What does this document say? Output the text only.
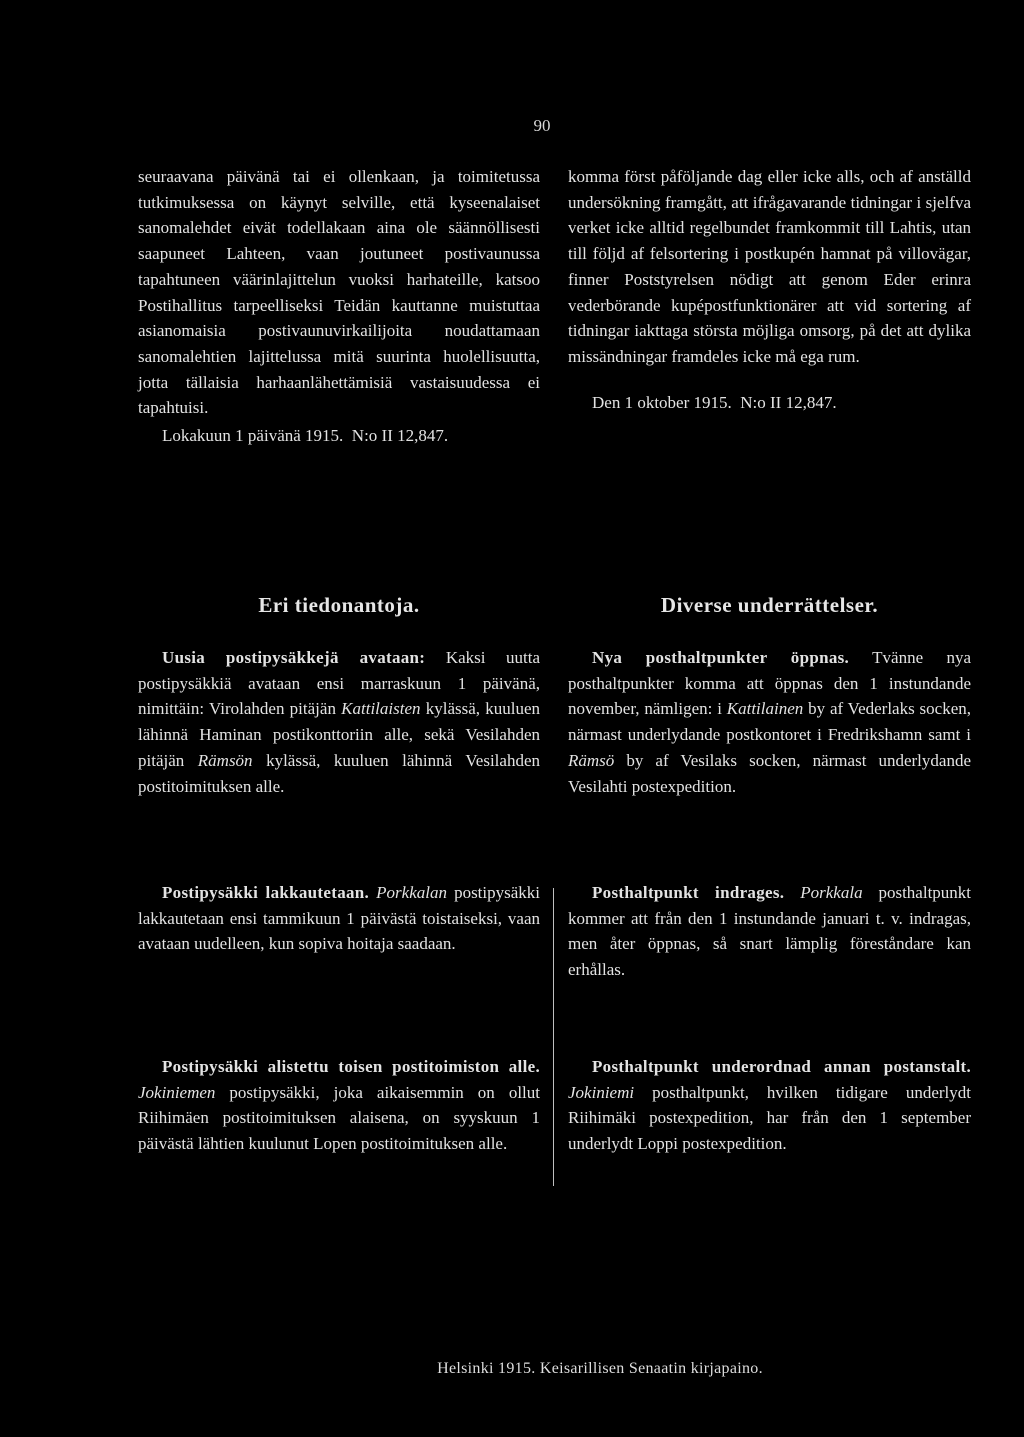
90

seuraavana päivänä tai ei ollenkaan, ja toimitetussa tutkimuksessa on käynyt selville, että kyseenalaiset sanomalehdet eivät todellakaan aina ole säännöllisesti saapuneet Lahteen, vaan joutuneet postivaunussa tapahtuneen väärinlajittelun vuoksi harhateille, katsoo Postihallitus tarpeelliseksi Teidän kauttanne muistuttaa asianomaisia postivaunuvirkailijoita noudattamaan sanomalehtien lajittelussa mitä suurinta huolellisuutta, jotta tällaisia harhaanlähettämisiä vastaisuudessa ei tapahtuisi.

Lokakuun 1 päivänä 1915. N:o II 12,847.

komma först påföljande dag eller icke alls, och af anställd undersökning framgått, att ifrågavarande tidningar i sjelfva verket icke alltid regelbundet framkommit till Lahtis, utan till följd af felsortering i postkupén hamnat på villovägar, finner Poststyrelsen nödigt att genom Eder erinra vederbörande kupépostfunktionärer att vid sortering af tidningar iakttaga största möjliga omsorg, på det att dylika missändningar framdeles icke må ega rum.

Den 1 oktober 1915. N:o II 12,847.

Eri tiedonantoja.	Diverse underrättelser.

Uusia postipysäkkejä avataan: Kaksi uutta postipysäkkiä avataan ensi marraskuun 1 päivänä, nimittäin: Virolahden pitäjän Kattilaisten kylässä, kuuluen lähinnä Haminan postikonttoriin alle, sekä Vesilahden pitäjän Rämsön kylässä, kuuluen lähinnä Vesilahden postitoimituksen alle.

Nya posthaltpunkter öppnas. Tvänne nya posthaltpunkter komma att öppnas den 1 instundande november, nämligen: i Kattilainen by af Vederlaks socken, närmast underlydande postkontoret i Fredrikshamn samt i Rämsö by af Vesilaks socken, närmast underlydande Vesilahti postexpedition.

Postipysäkki lakkautetaan. Porkkalan postipysäkki lakkautetaan ensi tammikuun 1 päivästä toistaiseksi, vaan avataan uudelleen, kun sopiva hoitaja saadaan.

Posthaltpunkt indrages. Porkkala posthaltpunkt kommer att från den 1 instundande januari t. v. indragas, men åter öppnas, så snart lämplig föreståndare kan erhållas.

Postipysäkki alistettu toisen postitoimiston alle. Jokiniemen postipysäkki, joka aikaisemmin on ollut Riihimäen postitoimituksen alaisena, on syyskuun 1 päivästä lähtien kuulunut Lopen postitoimituksen alle.

Posthaltpunkt underordnad annan postanstalt. Jokiniemi posthaltpunkt, hvilken tidigare underlydt Riihimäki postexpedition, har från den 1 september underlydt Loppi postexpedition.

Helsinki 1915. Keisarillisen Senaatin kirjapaino.
